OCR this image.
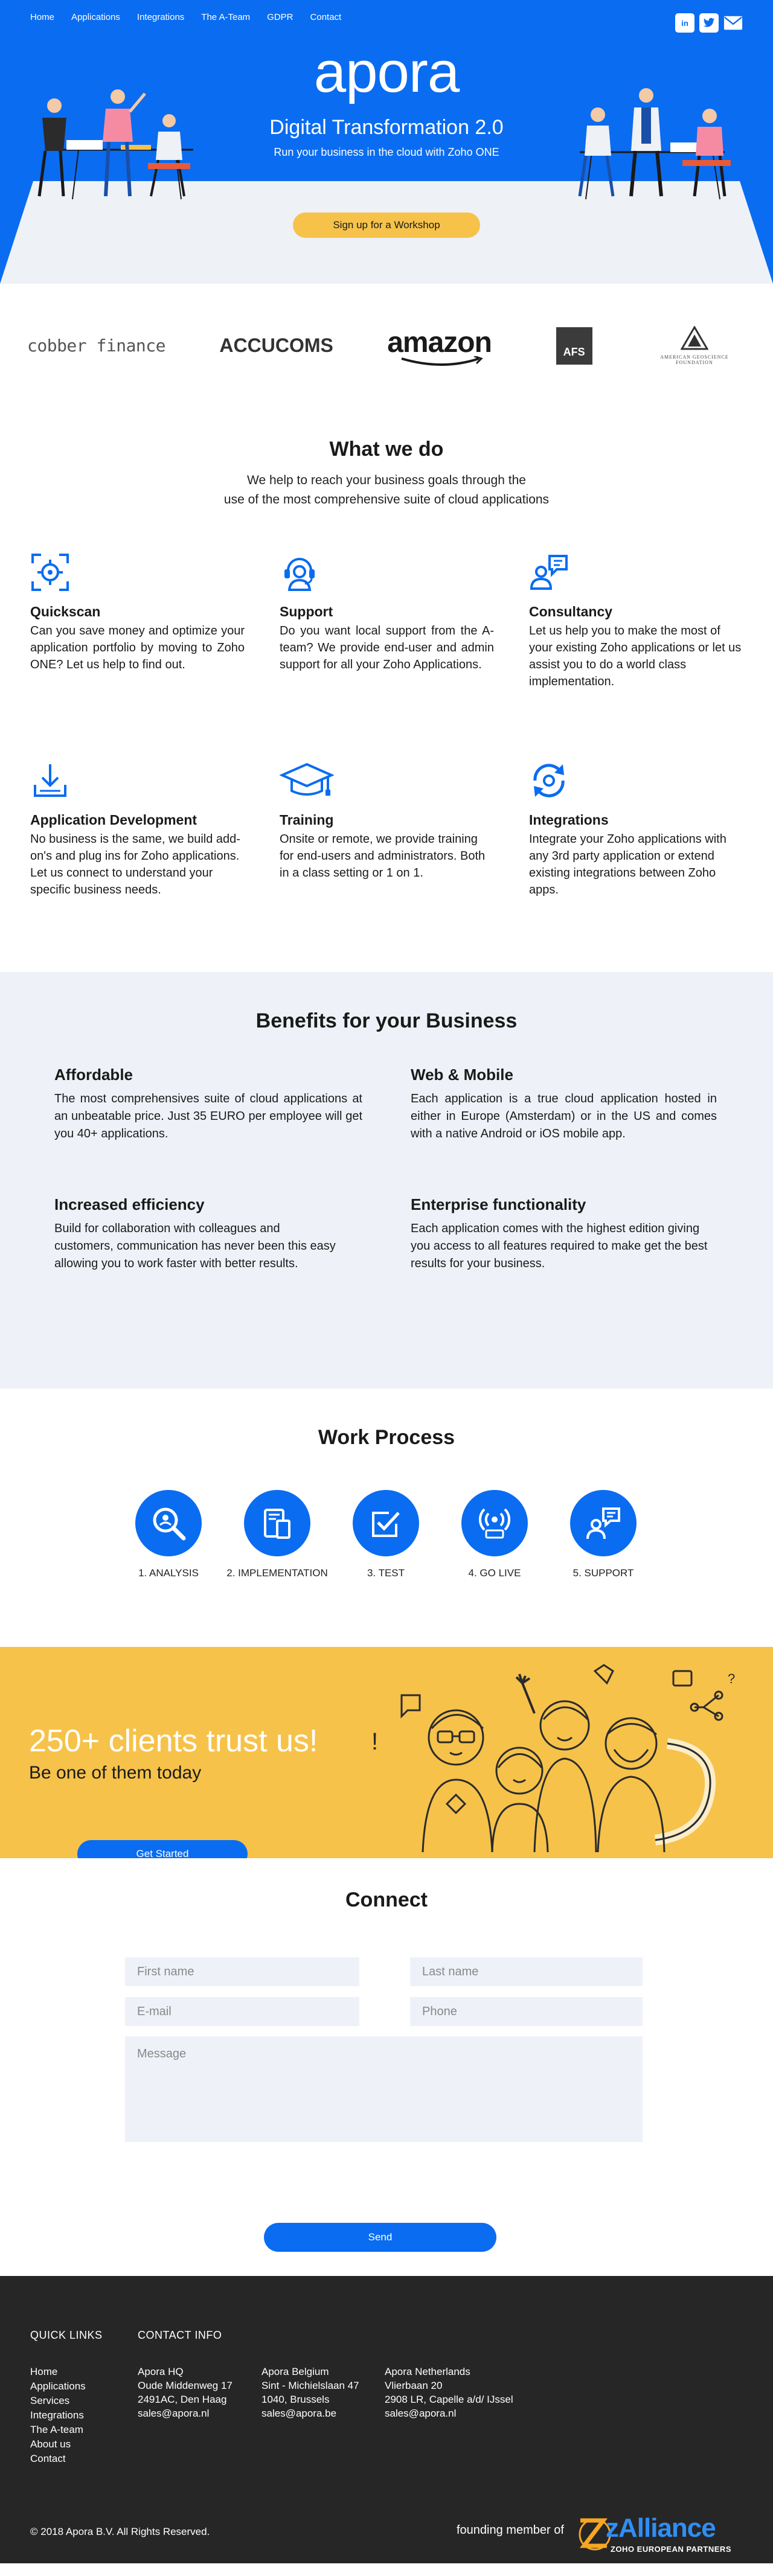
Home Applications Integrations The A-Team GDPR Contact
in
apora
Digital Transformation 2.0
Run your business in the cloud with Zoho ONE
Sign up for a Workshop
cobber finance	ACCUCOMS amazon	AFS	AMERICAN GEOSCIENCE FOUNDATION
What we do
We help to reach your business goals through the
use of the most comprehensive suite of cloud applications
Quickscan

Can you save money and optimize your application portfolio by moving to Zoho ONE? Let us help to find out.

Support

Do you want local support from the A-team? We provide end-user and admin support for all your Zoho Applications.

Consultancy

Let us help you to make the most of your existing Zoho applications or let us assist you to do a world class implementation.

Application Development

No business is the same, we build add-on's and plug ins for Zoho applications. Let us connect to understand your specific business needs.

Training

Onsite or remote, we provide training for end-users and administrators. Both in a class setting or 1 on 1.

Integrations

Integrate your Zoho applications with any 3rd party application or extend existing integrations between Zoho apps.

Benefits for your Business
Affordable

The most comprehensives suite of cloud applications at an unbeatable price. Just 35 EURO per employee will get you 40+ applications.

Web & Mobile

Each application is a true cloud application hosted in either in Europe (Amsterdam) or in the US and comes with a native Android or iOS mobile app.

Increased efficiency

Build for collaboration with colleagues and customers, communication has never been this easy allowing you to work faster with better results.

Enterprise functionality

Each application comes with the highest edition giving you access to all features required to make get the best results for your business.

Work Process
1. ANALYSIS	2. IMPLEMENTATION	3. TEST	4. GO LIVE	5. SUPPORT
250+ clients trust us!
Be one of them today
Get Started
?
!
Connect
First name	Last name
E-mail	Phone
Message
Send
QUICK LINKS	CONTACT INFO
Home
Applications
Services
Integrations
The A-team
About us
Contact
Apora HQ
Oude Middenweg 17
2491AC, Den Haag
sales@apora.nl
Apora Belgium
Sint - Michielslaan 47
1040, Brussels
sales@apora.be
Apora Netherlands
Vlierbaan 20
2908 LR, Capelle a/d/ IJssel
sales@apora.nl
© 2018 Apora B.V. All Rights Reserved.	founding member of zAlliance
ZOHO EUROPEAN PARTNERS
